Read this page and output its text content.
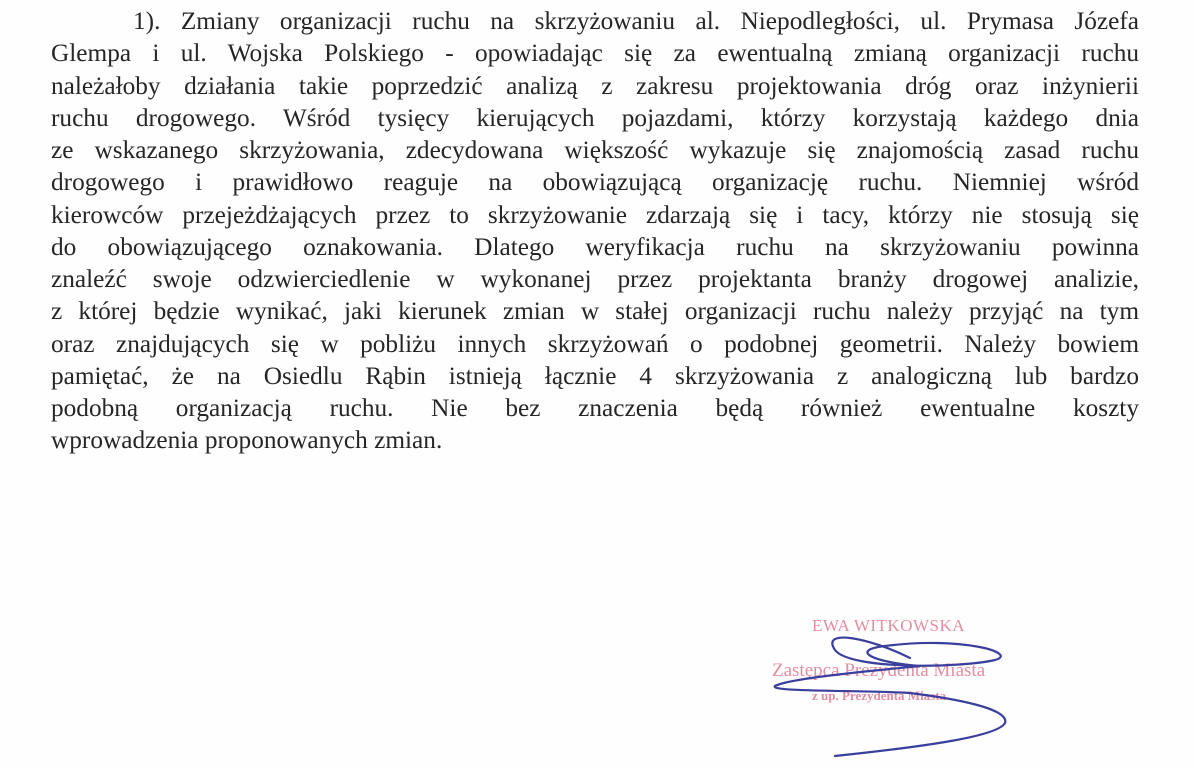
1). Zmiany organizacji ruchu na skrzyżowaniu al. Niepodległości, ul. Prymasa Józefa
Glempa i ul. Wojska Polskiego - opowiadając się za ewentualną zmianą organizacji ruchu
należałoby działania takie poprzedzić analizą z zakresu projektowania dróg oraz inżynierii
ruchu drogowego. Wśród tysięcy kierujących pojazdami, którzy korzystają każdego dnia
ze wskazanego skrzyżowania, zdecydowana większość wykazuje się znajomością zasad ruchu
drogowego i prawidłowo reaguje na obowiązującą organizację ruchu. Niemniej wśród
kierowców przejeżdżających przez to skrzyżowanie zdarzają się i tacy, którzy nie stosują się
do obowiązującego oznakowania. Dlatego weryfikacja ruchu na skrzyżowaniu powinna
znaleźć swoje odzwierciedlenie w wykonanej przez projektanta branży drogowej analizie,
z której będzie wynikać, jaki kierunek zmian w stałej organizacji ruchu należy przyjąć na tym
oraz znajdujących się w pobliżu innych skrzyżowań o podobnej geometrii. Należy bowiem
pamiętać, że na Osiedlu Rąbin istnieją łącznie 4 skrzyżowania z analogiczną lub bardzo
podobną organizacją ruchu. Nie bez znaczenia będą również ewentualne koszty
wprowadzenia proponowanych zmian.
EWA WITKOWSKA
Zastępca Prezydenta Miasta
z up. Prezydenta Miasta
